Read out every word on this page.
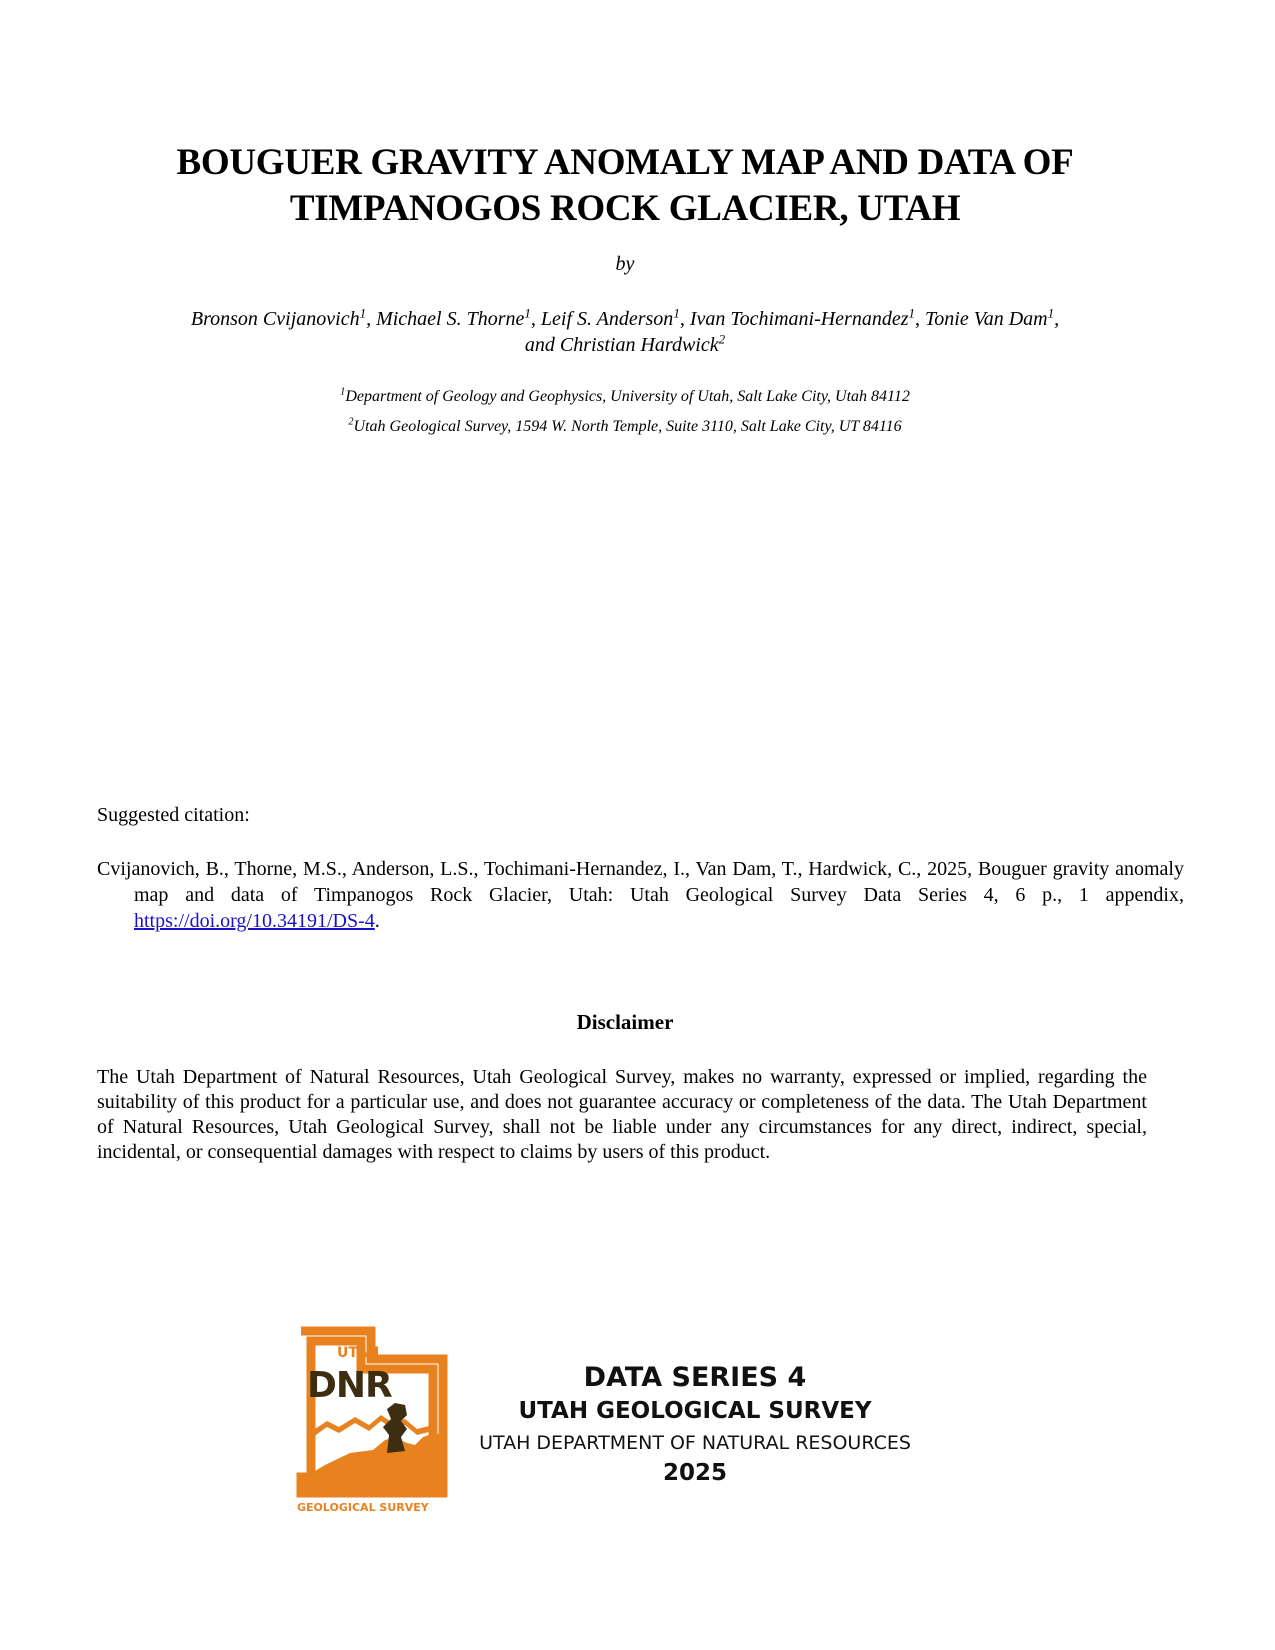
BOUGUER GRAVITY ANOMALY MAP AND DATA OF
TIMPANOGOS ROCK GLACIER, UTAH
by
Bronson Cvijanovich$^1$, Michael S. Thorne$^1$, Leif S. Anderson$^1$, Ivan Tochimani-Hernandez$^1$, Tonie Van Dam$^1$,
and Christian Hardwick$^2$
$^1$Department of Geology and Geophysics, University of Utah, Salt Lake City, Utah 84112
$^2$Utah Geological Survey, 1594 W. North Temple, Suite 3110, Salt Lake City, UT 84116
Suggested citation:
Cvijanovich, B., Thorne, M.S., Anderson, L.S., Tochimani-Hernandez, I., Van Dam, T., Hardwick, C., 2025, Bouguer gravity anomaly map and data of Timpanogos Rock Glacier, Utah: Utah Geological Survey Data Series 4, 6 p., 1 appendix, https://doi.org/10.34191/DS-4.
Disclaimer
The Utah Department of Natural Resources, Utah Geological Survey, makes no warranty, expressed or implied, regarding the suitability of this product for a particular use, and does not guarantee accuracy or completeness of the data. The Utah Department of Natural Resources, Utah Geological Survey, shall not be liable under any circumstances for any direct, indirect, special, incidental, or consequential damages with respect to claims by users of this product.
UTAH
DNR
GEOLOGICAL SURVEY
DATA SERIES 4
UTAH GEOLOGICAL SURVEY
UTAH DEPARTMENT OF NATURAL RESOURCES
2025
